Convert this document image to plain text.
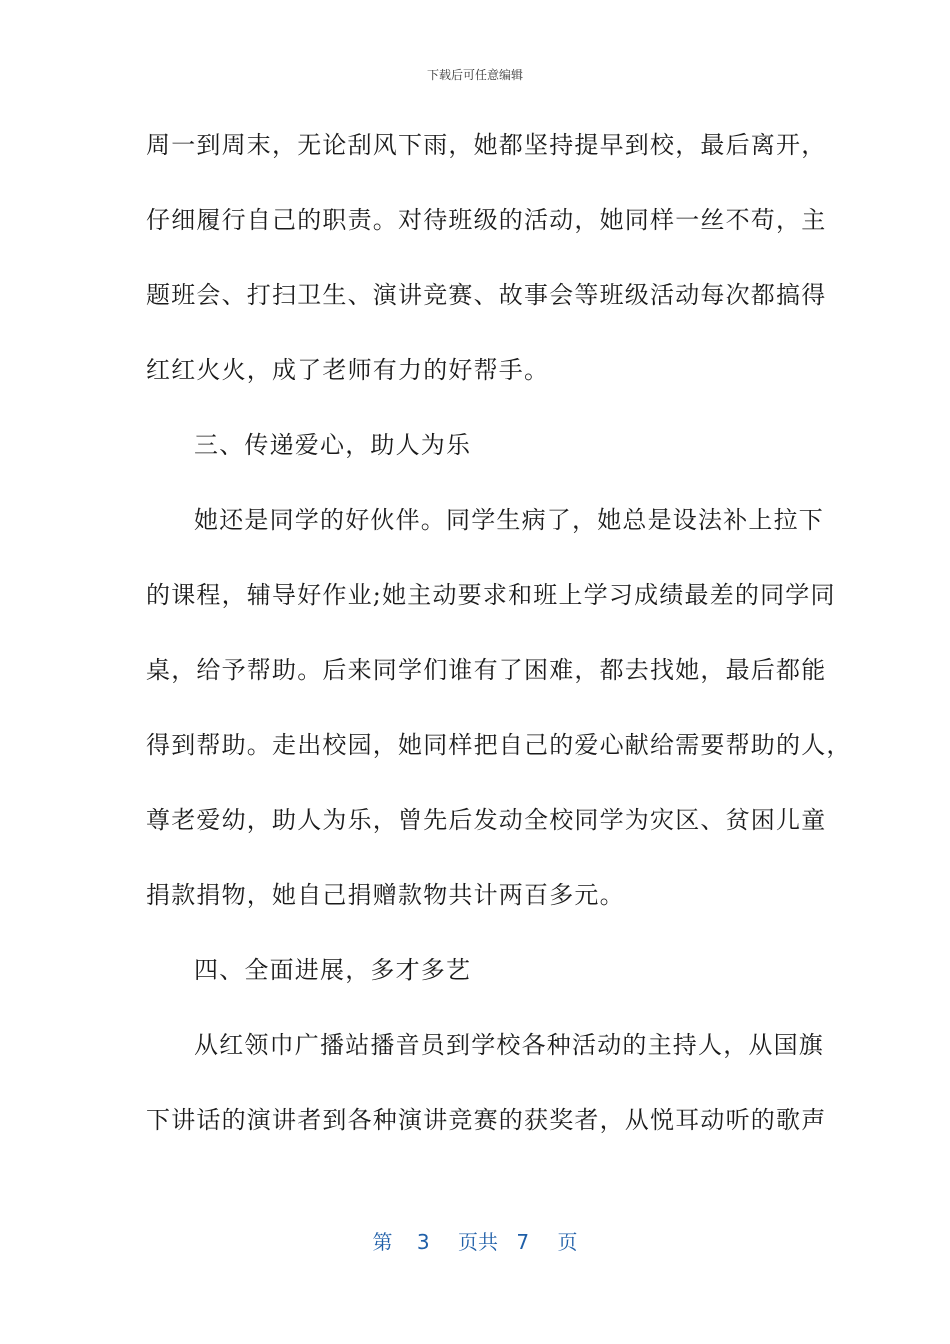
下载后可任意编辑
周一到周末，无论刮风下雨，她都坚持提早到校，最后离开，
仔细履行自己的职责。对待班级的活动，她同样一丝不苟，主
题班会、打扫卫生、演讲竞赛、故事会等班级活动每次都搞得
红红火火，成了老师有力的好帮手。
三、传递爱心，助人为乐
她还是同学的好伙伴。同学生病了，她总是设法补上拉下
的课程，辅导好作业;她主动要求和班上学习成绩最差的同学同
桌，给予帮助。后来同学们谁有了困难，都去找她，最后都能
得到帮助。走出校园，她同样把自己的爱心献给需要帮助的人，
尊老爱幼，助人为乐，曾先后发动全校同学为灾区、贫困儿童
捐款捐物，她自己捐赠款物共计两百多元。
四、全面进展，多才多艺
从红领巾广播站播音员到学校各种活动的主持人，从国旗
下讲话的演讲者到各种演讲竞赛的获奖者，从悦耳动听的歌声
第 3 页共 7 页
